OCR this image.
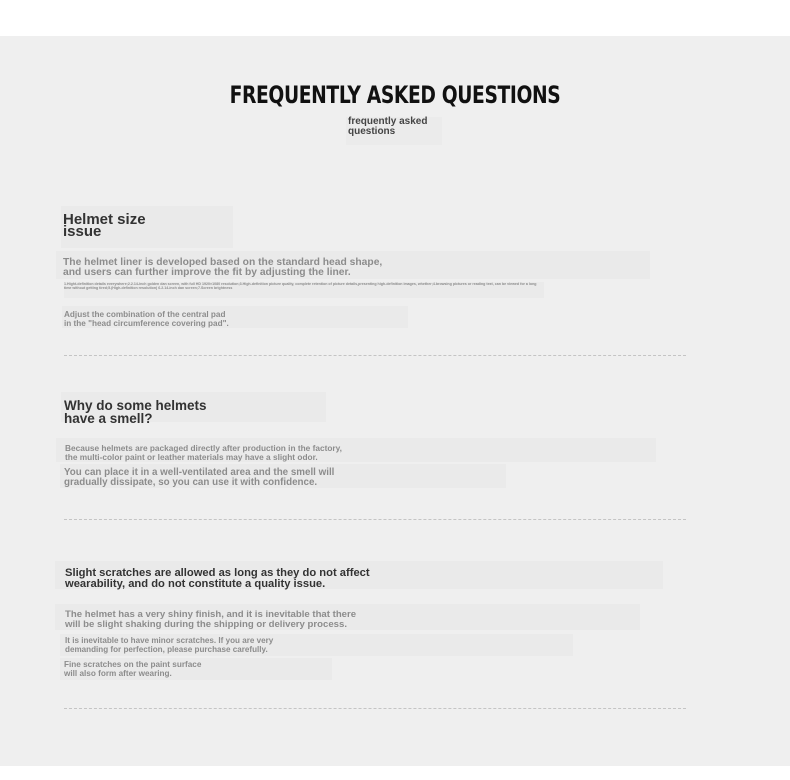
FREQUENTLY ASKED QUESTIONS
frequently asked
questions
Helmet size
issue
The helmet liner is developed based on the standard head shape,
and users can further improve the fit by adjusting the liner.
1.Hight-definition details everywhere;2.2.14-inch golden dan screen, with full HD 1920×1080 resolution;3.High-definition picture quality, complete retention of picture details,presenting high-definition images, whether;4.browsing pictures or reading text, can be viewed for a long time without getting tired;5.(High-definition resolution) 6.2.14-inch dan screen;7.Screen brightness
Adjust the combination of the central pad
in the "head circumference covering pad".
Why do some helmets
have a smell?
Because helmets are packaged directly after production in the factory,
the multi-color paint or leather materials may have a slight odor.
You can place it in a well-ventilated area and the smell will
gradually dissipate, so you can use it with confidence.
Slight scratches are allowed as long as they do not affect
wearability, and do not constitute a quality issue.
The helmet has a very shiny finish, and it is inevitable that there
will be slight shaking during the shipping or delivery process.
It is inevitable to have minor scratches. If you are very
demanding for perfection, please purchase carefully.
Fine scratches on the paint surface
will also form after wearing.
